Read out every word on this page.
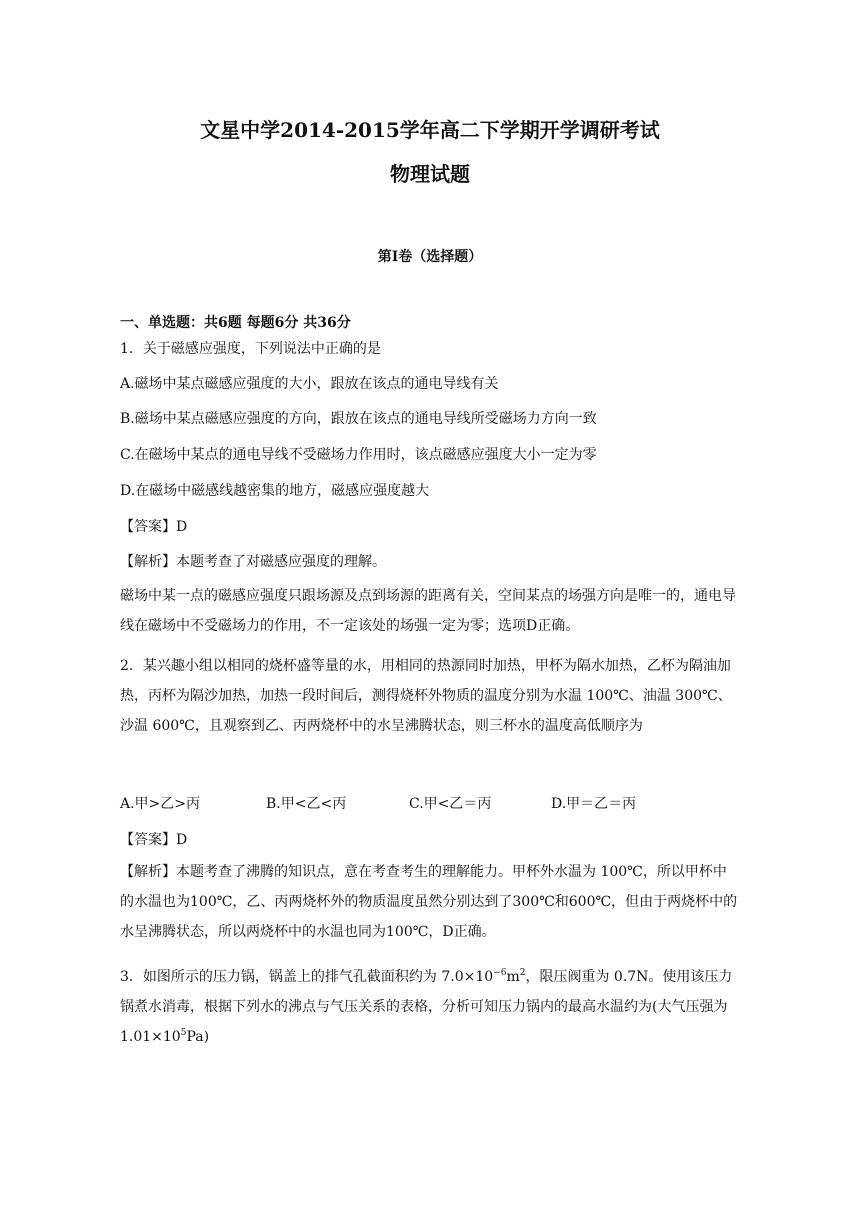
文星中学2014-2015学年高二下学期开学调研考试
物理试题
第Ⅰ卷（选择题）
一、单选题：共6题 每题6分 共36分
1．关于磁感应强度，下列说法中正确的是
A.磁场中某点磁感应强度的大小，跟放在该点的通电导线有关
B.磁场中某点磁感应强度的方向，跟放在该点的通电导线所受磁场力方向一致
C.在磁场中某点的通电导线不受磁场力作用时，该点磁感应强度大小一定为零
D.在磁场中磁感线越密集的地方，磁感应强度越大
【答案】D
【解析】本题考查了对磁感应强度的理解。
磁场中某一点的磁感应强度只跟场源及点到场源的距离有关，空间某点的场强方向是唯一的，通电导线在磁场中不受磁场力的作用，不一定该处的场强一定为零；选项D正确。
2．某兴趣小组以相同的烧杯盛等量的水，用相同的热源同时加热，甲杯为隔水加热，乙杯为隔油加热，丙杯为隔沙加热，加热一段时间后，测得烧杯外物质的温度分别为水温 100℃、油温 300℃、沙温 600℃，且观察到乙、丙两烧杯中的水呈沸腾状态，则三杯水的温度高低顺序为
A.甲>乙>丙	B.甲<乙<丙	C.甲<乙＝丙	D.甲＝乙＝丙
【答案】D
【解析】本题考查了沸腾的知识点，意在考查考生的理解能力。甲杯外水温为 100℃，所以甲杯中的水温也为100℃，乙、丙两烧杯外的物质温度虽然分别达到了300℃和600℃，但由于两烧杯中的水呈沸腾状态，所以两烧杯中的水温也同为100℃，D正确。
3．如图所示的压力锅，锅盖上的排气孔截面积约为 $7.0\times 10^{-6}m^2$，限压阀重为 0.7N。使用该压力锅煮水消毒，根据下列水的沸点与气压关系的表格，分析可知压力锅内的最高水温约为(大气压强为 $1.01\times 10^5Pa$)
